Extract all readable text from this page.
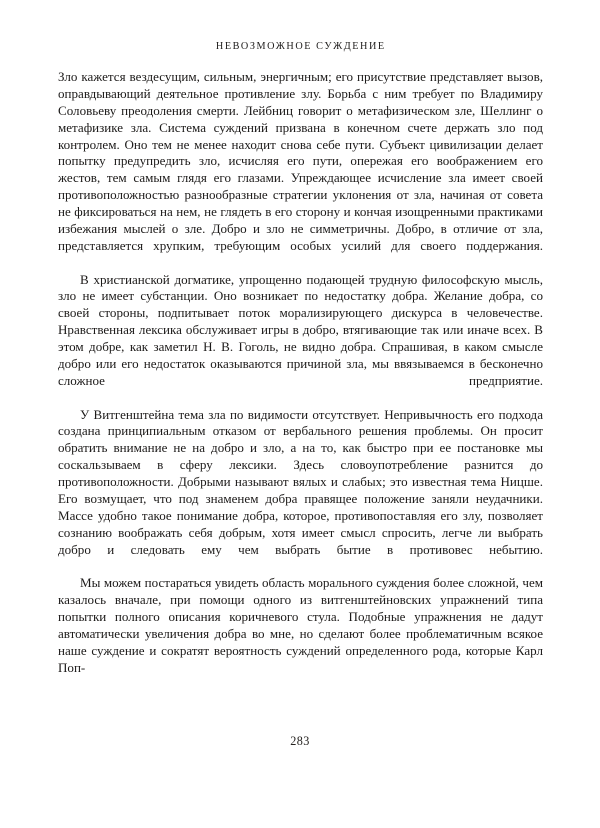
НЕВОЗМОЖНОЕ СУЖДЕНИЕ

Зло кажется вездесущим, сильным, энергичным; его присутствие представляет вызов, оправдывающий деятельное противление злу. Борьба с ним требует по Владимиру Соловьеву преодоления смерти. Лейбниц говорит о метафизическом зле, Шеллинг о метафизике зла. Система суждений призвана в конечном счете держать зло под контролем. Оно тем не менее находит снова себе пути. Субъект цивилизации делает попытку предупредить зло, исчисляя его пути, опережая его воображением его жестов, тем самым глядя его глазами. Упреждающее исчисление зла имеет своей противоположностью разнообразные стратегии уклонения от зла, начиная от совета не фиксироваться на нем, не глядеть в его сторону и кончая изощренными практиками избежания мыслей о зле. Добро и зло не симметричны. Добро, в отличие от зла, представляется хрупким, требующим особых усилий для своего поддержания.

В христианской догматике, упрощенно подающей трудную философскую мысль, зло не имеет субстанции. Оно возникает по недостатку добра. Желание добра, со своей стороны, подпитывает поток морализирующего дискурса в человечестве. Нравственная лексика обслуживает игры в добро, втягивающие так или иначе всех. В этом добре, как заметил Н. В. Гоголь, не видно добра. Спрашивая, в каком смысле добро или его недостаток оказываются причиной зла, мы ввязываемся в бесконечно сложное предприятие.

У Витгенштейна тема зла по видимости отсутствует. Непривычность его подхода создана принципиальным отказом от вербального решения проблемы. Он просит обратить внимание не на добро и зло, а на то, как быстро при ее постановке мы соскальзываем в сферу лексики. Здесь словоупотребление разнится до противоположности. Добрыми называют вялых и слабых; это известная тема Ницше. Его возмущает, что под знаменем добра правящее положение заняли неудачники. Массе удобно такое понимание добра, которое, противопоставляя его злу, позволяет сознанию воображать себя добрым, хотя имеет смысл спросить, легче ли выбрать добро и следовать ему чем выбрать бытие в противовес небытию.

Мы можем постараться увидеть область морального суждения более сложной, чем казалось вначале, при помощи одного из витгенштейновских упражнений типа попытки полного описания коричневого стула. Подобные упражнения не дадут автоматически увеличения добра во мне, но сделают более проблематичным всякое наше суждение и сократят вероятность суждений определенного рода, которые Карл Поп-

283
